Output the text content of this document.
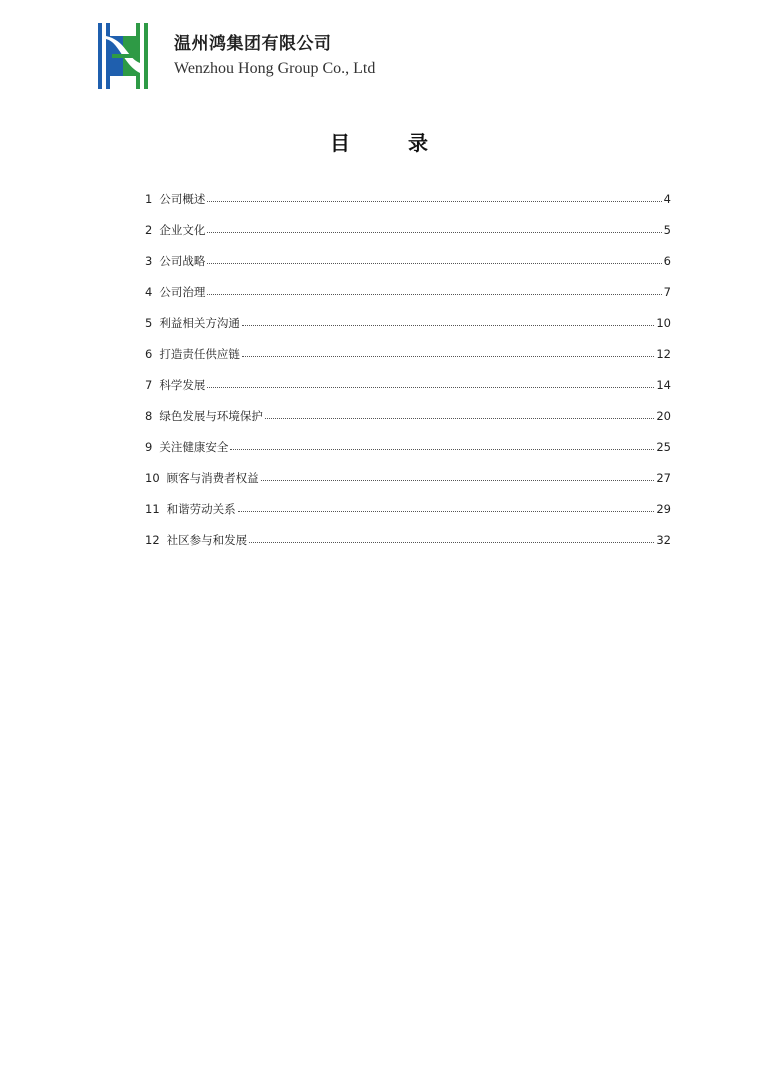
温州鸿集团有限公司
Wenzhou Hong Group Co., Ltd
目	录
1 公司概述	4
2 企业文化	5
3 公司战略	6
4 公司治理	7
5 利益相关方沟通	10
6 打造责任供应链	12
7 科学发展	14
8 绿色发展与环境保护	20
9 关注健康安全	25
10 顾客与消费者权益	27
11 和谐劳动关系	29
12 社区参与和发展	32
